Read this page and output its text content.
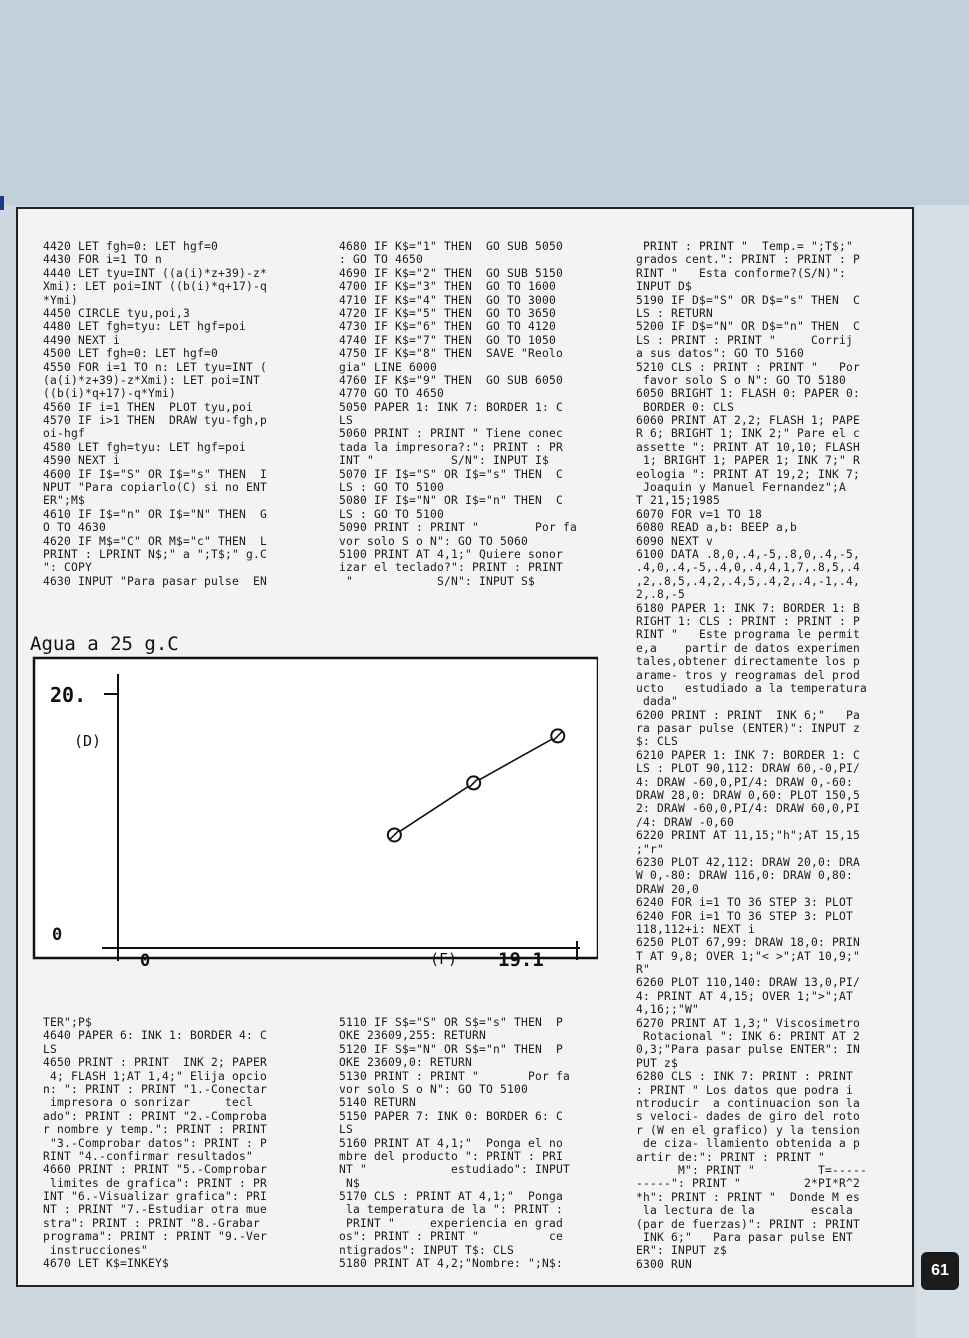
4420 LET fgh=0: LET hgf=0
4430 FOR i=1 TO n
4440 LET tyu=INT ((a(i)*z+39)-z*
Xmi): LET poi=INT ((b(i)*q+17)-q
*Ymi)
4450 CIRCLE tyu,poi,3
4480 LET fgh=tyu: LET hgf=poi
4490 NEXT i
4500 LET fgh=0: LET hgf=0
4550 FOR i=1 TO n: LET tyu=INT (
(a(i)*z+39)-z*Xmi): LET poi=INT
((b(i)*q+17)-q*Ymi)
4560 IF i=1 THEN  PLOT tyu,poi
4570 IF i>1 THEN  DRAW tyu-fgh,p
oi-hgf
4580 LET fgh=tyu: LET hgf=poi
4590 NEXT i
4600 IF I$="S" OR I$="s" THEN  I
NPUT "Para copiarlo(C) si no ENT
ER";M$
4610 IF I$="n" OR I$="N" THEN  G
O TO 4630
4620 IF M$="C" OR M$="c" THEN  L
PRINT : LPRINT N$;" a ";T$;" g.C
": COPY
4630 INPUT "Para pasar pulse  EN
4680 IF K$="1" THEN  GO SUB 5050
: GO TO 4650
4690 IF K$="2" THEN  GO SUB 5150
4700 IF K$="3" THEN  GO TO 1600
4710 IF K$="4" THEN  GO TO 3000
4720 IF K$="5" THEN  GO TO 3650
4730 IF K$="6" THEN  GO TO 4120
4740 IF K$="7" THEN  GO TO 1050
4750 IF K$="8" THEN  SAVE "Reolo
gia" LINE 6000
4760 IF K$="9" THEN  GO SUB 6050
4770 GO TO 4650
5050 PAPER 1: INK 7: BORDER 1: C
LS
5060 PRINT : PRINT " Tiene conec
tada la impresora?:": PRINT : PR
INT "           S/N": INPUT I$
5070 IF I$="S" OR I$="s" THEN  C
LS : GO TO 5100
5080 IF I$="N" OR I$="n" THEN  C
LS : GO TO 5100
5090 PRINT : PRINT "        Por fa
vor solo S o N": GO TO 5060
5100 PRINT AT 4,1;" Quiere sonor
izar el teclado?": PRINT : PRINT
"            S/N": INPUT S$
PRINT : PRINT "  Temp.= ";T$;"
grados cent.": PRINT : PRINT : P
RINT "   Esta conforme?(S/N)":
INPUT D$
5190 IF D$="S" OR D$="s" THEN  C
LS : RETURN
5200 IF D$="N" OR D$="n" THEN  C
LS : PRINT : PRINT "     Corrij
a sus datos": GO TO 5160
5210 CLS : PRINT : PRINT "   Por
favor solo S o N": GO TO 5180
6050 BRIGHT 1: FLASH 0: PAPER 0:
BORDER 0: CLS
6060 PRINT AT 2,2; FLASH 1; PAPE
R 6; BRIGHT 1; INK 2;" Pare el c
assette ": PRINT AT 10,10; FLASH
1; BRIGHT 1; PAPER 1; INK 7;" R
eologia ": PRINT AT 19,2; INK 7;
Joaquin y Manuel Fernandez";A
T 21,15;1985
6070 FOR v=1 TO 18
6080 READ a,b: BEEP a,b
6090 NEXT v
6100 DATA .8,0,.4,-5,.8,0,.4,-5,
.4,0,.4,-5,.4,0,.4,4,1,7,.8,5,.4
,2,.8,5,.4,2,.4,5,.4,2,.4,-1,.4,
2,.8,-5
6180 PAPER 1: INK 7: BORDER 1: B
RIGHT 1: CLS : PRINT : PRINT : P
RINT "   Este programa le permit
e,a    partir de datos experimen
tales,obtener directamente los p
arame- tros y reogramas del prod
ucto   estudiado a la temperatura
dada"
6200 PRINT : PRINT  INK 6;"   Pa
ra pasar pulse (ENTER)": INPUT z
$: CLS
6210 PAPER 1: INK 7: BORDER 1: C
LS : PLOT 90,112: DRAW 60,-0,PI/
4: DRAW -60,0,PI/4: DRAW 0,-60:
DRAW 28,0: DRAW 0,60: PLOT 150,5
2: DRAW -60,0,PI/4: DRAW 60,0,PI
/4: DRAW -0,60
6220 PRINT AT 11,15;"h";AT 15,15
;"r"
6230 PLOT 42,112: DRAW 20,0: DRA
W 0,-80: DRAW 116,0: DRAW 0,80:
DRAW 20,0
6240 FOR i=1 TO 36 STEP 3: PLOT
6240 FOR i=1 TO 36 STEP 3: PLOT
118,112+i: NEXT i
6250 PLOT 67,99: DRAW 18,0: PRIN
T AT 9,8; OVER 1;"< >";AT 10,9;"
R"
6260 PLOT 110,140: DRAW 13,0,PI/
4: PRINT AT 4,15; OVER 1;">";AT
4,16;;"W"
6270 PRINT AT 1,3;" Viscosimetro
Rotacional ": INK 6: PRINT AT 2
0,3;"Para pasar pulse ENTER": IN
PUT z$
6280 CLS : INK 7: PRINT : PRINT
: PRINT " Los datos que podra i
ntroducir  a continuacion son la
s veloci- dades de giro del roto
r (W en el grafico) y la tension
de ciza- llamiento obtenida a p
artir de:": PRINT : PRINT "
M": PRINT "         T=-----
-----": PRINT "         2*PI*R^2
*h": PRINT : PRINT "  Donde M es
la lectura de la        escala
(par de fuerzas)": PRINT : PRINT
INK 6;"   Para pasar pulse ENT
ER": INPUT z$
6300 RUN
TER";P$
4640 PAPER 6: INK 1: BORDER 4: C
LS
4650 PRINT : PRINT  INK 2; PAPER
4; FLASH 1;AT 1,4;" Elija opcio
n: ": PRINT : PRINT "1.-Conectar
impresora o sonrizar     tecl
ado": PRINT : PRINT "2.-Comproba
r nombre y temp.": PRINT : PRINT
"3.-Comprobar datos": PRINT : P
RINT "4.-confirmar resultados"
4660 PRINT : PRINT "5.-Comprobar
limites de grafica": PRINT : PR
INT "6.-Visualizar grafica": PRI
NT : PRINT "7.-Estudiar otra mue
stra": PRINT : PRINT "8.-Grabar
programa": PRINT : PRINT "9.-Ver
instrucciones"
4670 LET K$=INKEY$
5110 IF S$="S" OR S$="s" THEN  P
OKE 23609,255: RETURN
5120 IF S$="N" OR S$="n" THEN  P
OKE 23609,0: RETURN
5130 PRINT : PRINT "       Por fa
vor solo S o N": GO TO 5100
5140 RETURN
5150 PAPER 7: INK 0: BORDER 6: C
LS
5160 PRINT AT 4,1;"  Ponga el no
mbre del producto ": PRINT : PRI
NT "            estudiado": INPUT
N$
5170 CLS : PRINT AT 4,1;"  Ponga
la temperatura de la ": PRINT :
PRINT "     experiencia en grad
os": PRINT : PRINT "          ce
ntigrados": INPUT T$: CLS
5180 PRINT AT 4,2;"Nombre: ";N$:
Agua a 25 g.C
20.
(D)
0
0	(F) 19.1
61
